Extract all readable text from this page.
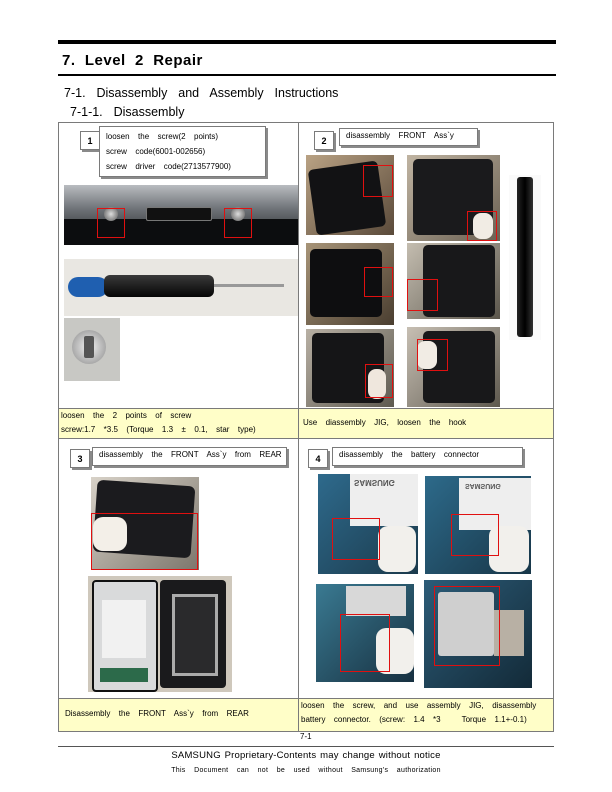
7.  Level  2  Repair
7-1.  Disassembly  and  Assembly  Instructions
7-1-1.  Disassembly
1	loosen  the  screw(2  points)
screw  code(6001-002656)
screw  driver  code(2713577900)
loosen  the  2  points  of  screw
screw:1.7  *3.5  (Torque  1.3  ±  0.1,  star  type)
2	disassembly  FRONT  Ass`y
Use  diassembly  JIG,  loosen  the  hook
3	disassembly  the  FRONT  Ass`y  from  REAR
Disassembly  the  FRONT  Ass`y  from  REAR
4	disassembly  the  battery  connector
SAMSUNG	SAMSUNG
loosen  the  screw,  and  use  assembly  JIG,  disassembly
battery  connector.  (screw:  1.4  *3     Torque  1.1+-0.1)
7-1
SAMSUNG Proprietary-Contents may change without notice
This  Document  can  not  be  used  without  Samsung's  authorization
